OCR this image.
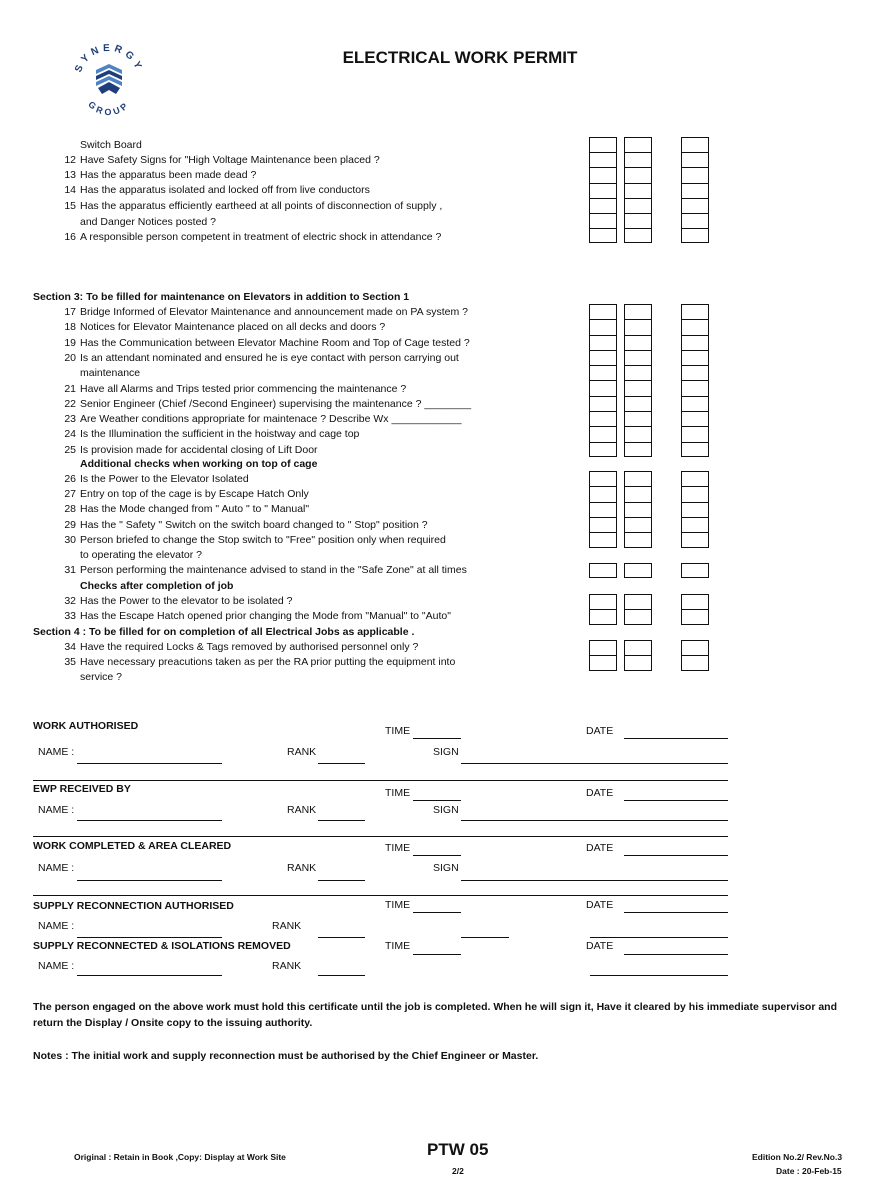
SYNERGY
GROUP
ELECTRICAL WORK PERMIT
Switch Board
12 Have Safety Signs for "High Voltage Maintenance been placed ?
13 Has the apparatus been made dead ?
14 Has the apparatus isolated and locked off from live conductors
15 Has the apparatus efficiently eartheed at all points of disconnection of supply ,
and Danger Notices posted ?
16 A responsible person competent in treatment of electric shock in attendance ?
Section 3: To be filled for maintenance on Elevators in addition to Section 1
17 Bridge Informed of Elevator Maintenance and announcement made on PA system ?
18 Notices for Elevator Maintenance placed on all decks and doors ?
19 Has the Communication between Elevator Machine Room and Top of Cage tested ?
20 Is an attendant nominated and ensured he is eye contact with person carrying out
maintenance
21 Have all Alarms and Trips tested prior commencing the maintenance ?
22 Senior Engineer (Chief /Second Engineer) supervising the maintenance ? ________
23 Are Weather conditions appropriate for maintenace ? Describe Wx ____________
24 Is the Illumination the sufficient in the hoistway and cage top
25 Is provision made for accidental closing of Lift Door
Additional checks when working on top of cage
26 Is the Power to the Elevator Isolated
27 Entry on top of the cage is by Escape Hatch Only
28 Has the Mode changed from " Auto " to " Manual"
29 Has the " Safety " Switch on the switch board changed to " Stop" position ?
30 Person briefed to change the Stop switch to "Free" position only when required
to operating the elevator ?
31 Person performing the maintenance advised to stand in the "Safe Zone" at all times
Checks after completion of job
32 Has the Power to the elevator to be isolated ?
33 Has the Escape Hatch opened prior changing the Mode from "Manual" to "Auto"
Section 4 : To be filled for on completion of all Electrical Jobs as applicable .
34 Have the required Locks & Tags removed by authorised personnel only ?
35 Have necessary preacutions taken as per the RA prior putting the equipment into
service ?
WORK AUTHORISED	TIME	DATE
NAME :	RANK	SIGN
EWP RECEIVED BY	TIME	DATE
NAME :	RANK	SIGN
WORK COMPLETED & AREA CLEARED	TIME	DATE
NAME :	RANK	SIGN
SUPPLY RECONNECTION AUTHORISED	TIME	DATE
NAME :	RANK
SUPPLY RECONNECTED & ISOLATIONS REMOVED	TIME	DATE
NAME :	RANK
The person engaged on the above work must hold this certificate until the job is completed. When he will sign it, Have it cleared by his immediate supervisor and
return the Display / Onsite copy to the issuing authority.
Notes : The initial work and supply reconnection must be authorised by the Chief Engineer or Master.
Original : Retain in Book ,Copy: Display at Work Site	PTW 05
2/2
Edition No.2/ Rev.No.3
Date : 20-Feb-15
